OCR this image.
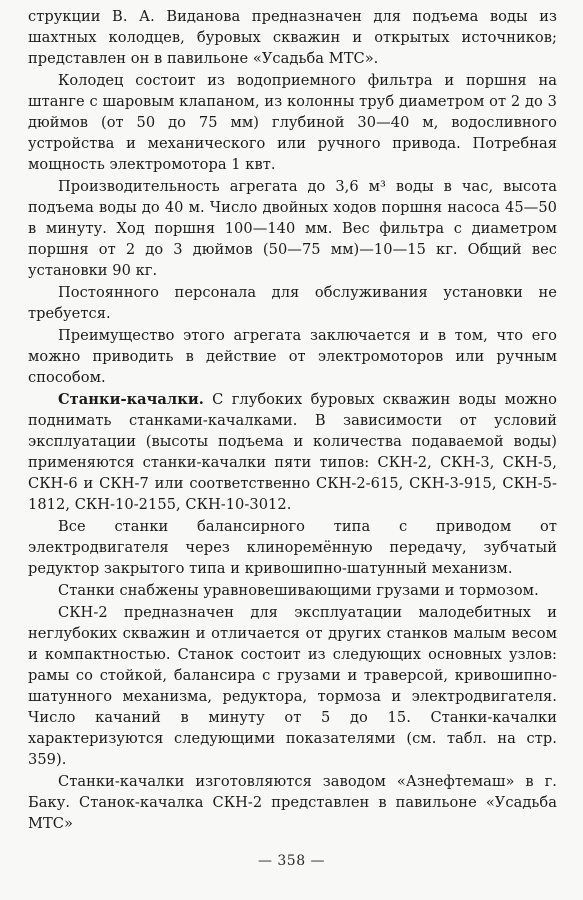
струкции В. А. Виданова предназначен для подъема воды из шахтных колодцев, буровых скважин и открытых источников; представлен он в павильоне «Усадьба МТС».

Колодец состоит из водоприемного фильтра и поршня на штанге с шаровым клапаном, из колонны труб диаметром от 2 до 3 дюймов (от 50 до 75 мм) глубиной 30—40 м, водосливного устройства и механического или ручного привода. Потребная мощность электромотора 1 квт.

Производительность агрегата до 3,6 м³ воды в час, высота подъема воды до 40 м. Число двойных ходов поршня насоса 45—50 в минуту. Ход поршня 100—140 мм. Вес фильтра с диаметром поршня от 2 до 3 дюймов (50—75 мм)—10—15 кг. Общий вес установки 90 кг.

Постоянного персонала для обслуживания установки не требуется.

Преимущество этого агрегата заключается и в том, что его можно приводить в действие от электромоторов или ручным способом.

Станки-качалки. С глубоких буровых скважин воды можно поднимать станками-качалками. В зависимости от условий эксплуатации (высоты подъема и количества подаваемой воды) применяются станки-качалки пяти типов: СКН-2, СКН-3, СКН-5, СКН-6 и СКН-7 или соответственно СКН-2-615, СКН-3-915, СКН-5-1812, СКН-10-2155, СКН-10-3012.

Все станки балансирного типа с приводом от электродвигателя через клиноремённую передачу, зубчатый редуктор закрытого типа и кривошипно-шатунный механизм.

Станки снабжены уравновешивающими грузами и тормозом.

СКН-2 предназначен для эксплуатации малодебитных и неглубоких скважин и отличается от других станков малым весом и компактностью. Станок состоит из следующих основных узлов: рамы со стойкой, балансира с грузами и траверсой, кривошипно-шатунного механизма, редуктора, тормоза и электродвигателя. Число качаний в минуту от 5 до 15. Станки-качалки характеризуются следующими показателями (см. табл. на стр. 359).

Станки-качалки изготовляются заводом «Азнефтемаш» в г. Баку. Станок-качалка СКН-2 представлен в павильоне «Усадьба МТС»

— 358 —
